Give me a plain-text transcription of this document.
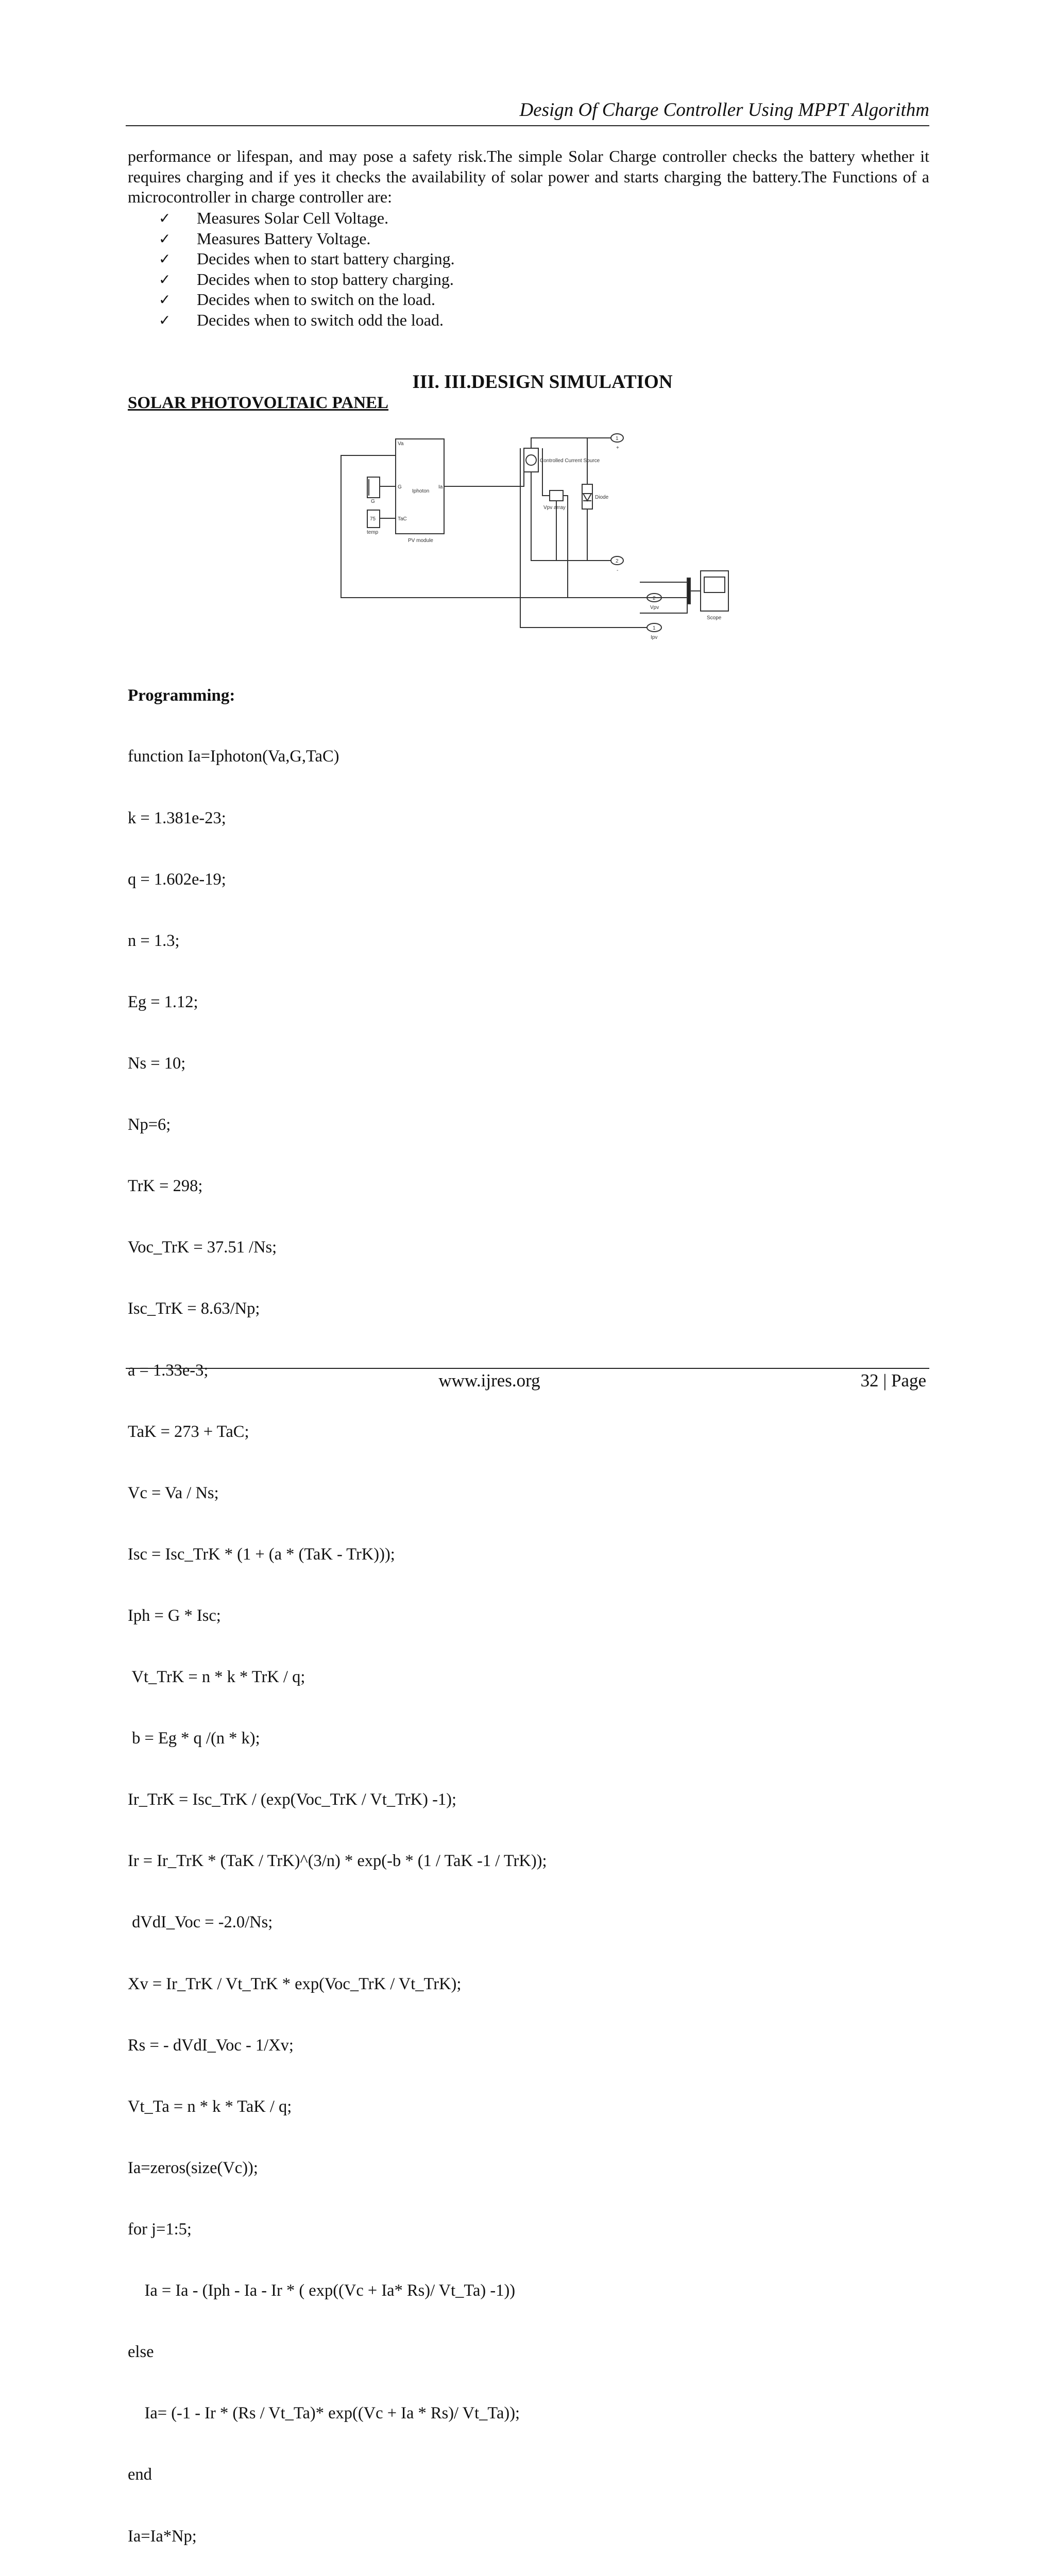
Design Of Charge Controller Using MPPT Algorithm

performance or lifespan, and may pose a safety risk.The simple Solar Charge controller checks the battery whether it requires charging and if yes it checks the availability of solar power and starts charging the battery.The Functions of a microcontroller in charge controller are:

✓	Measures Solar Cell Voltage.
✓	Measures Battery Voltage.
✓	Decides when to start battery charging.
✓	Decides when to stop battery charging.
✓	Decides when to switch on the load.
✓	Decides when to switch odd the load.
III. III.DESIGN SIMULATION
SOLAR PHOTOVOLTAIC PANEL
Va
G
TaC
Ia
Iphoton
PV module
G
75
temp
Controlled Current Source
Diode
Vpv array
1
+
2
-
2
Vpv
1
Ipv
Scope

Programming:

function Ia=Iphoton(Va,G,TaC)

k = 1.381e-23;

q = 1.602e-19;

n = 1.3;

Eg = 1.12;

Ns = 10;

Np=6;

TrK = 298;

Voc_TrK = 37.51 /Ns;

Isc_TrK = 8.63/Np;

a = 1.33e-3;

TaK = 273 + TaC;

Vc = Va / Ns;

Isc = Isc_TrK * (1 + (a * (TaK - TrK)));

Iph = G * Isc;

Vt_TrK = n * k * TrK / q;

b = Eg * q /(n * k);

Ir_TrK = Isc_TrK / (exp(Voc_TrK / Vt_TrK) -1);

Ir = Ir_TrK * (TaK / TrK)^(3/n) * exp(-b * (1 / TaK -1 / TrK));

dVdI_Voc = -2.0/Ns;

Xv = Ir_TrK / Vt_TrK * exp(Voc_TrK / Vt_TrK);

Rs = - dVdI_Voc - 1/Xv;

Vt_Ta = n * k * TaK / q;

Ia=zeros(size(Vc));

for j=1:5;

Ia = Ia - (Iph - Ia - Ir * ( exp((Vc + Ia* Rs)/ Vt_Ta) -1))

else

Ia= (-1 - Ir * (Rs / Vt_Ta)* exp((Vc + Ia * Rs)/ Vt_Ta));

end

Ia=Ia*Np;

www.ijres.org	32 | Page
